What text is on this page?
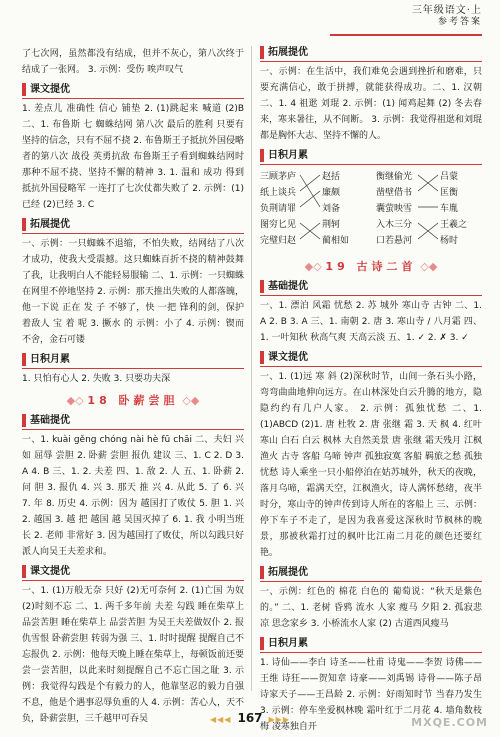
三年级语文·上
参考答案

了七次网，虽然都没有结成，但并不灰心，第八次终于结成了一张网。 3. 示例：受伤 唉声叹气

课文提优

1. 差点儿 准确性 信心 铺垫 2. (1)跳起来 喊道 (2)B 二、1. 布鲁斯 七 蜘蛛结网 第八次 最后的胜利 只要有坚持的信念，只有不屈不挠 2. 布鲁斯王子抵抗外国侵略者的第八次 战役 英勇抗敌 布鲁斯王子看到蜘蛛结网时那种不屈不挠、坚持不懈的精神 3. 1. 温和 成功 得到 抵抗外国侵略军 一连打了七次仗都失败了 2. 示例：(1)已经 (2)已经 3. C

拓展提优

一、示例：一只蜘蛛不退缩，不怕失败，结网结了八次才成功，使我大受震撼。这只蜘蛛百折不挠的精神鼓舞了我，让我明白人不能轻易服输 二、1. 示例：一只蜘蛛在网里不停地坚持 2. 示例：那天推出失败的人都落魄，他一下说 正在 发 子 不够了，快 一把 锋利的剑，保护着敌人 宝 着 呢 3. 撅水 的 示例：小了 4. 示例：锲而不舍，金石可镂

日积月累

1. 只怕有心人 2. 失败 3. 只要功夫深

◆◇ 18 卧薪尝胆 ◇◆
基础提优

一、1. kuài gěng chóng nài hè fū chāi 二、夫妇 兴 如 屈辱 尝胆 2. 卧薪 尝胆 报仇 建议 三、1. C 2. D 3. A 4. B 三、1. 2. 夫差 四、1. 敌 2. 人 五、1. 卧薪 2. 问 胆 3. 报仇 4. 兴 3. 那天 推 兴 4. 从此 5. 了 6. 兴 7. 年 8. 历史 4. 示例：因为 越国打了败仗 5. 胆 1. 兴 2. 越国 3. 越 把 越国 越 吴国灭掉了 6. 1. 我 小明当班长 2. 老师 非常好 3. 因为越国打了败仗，所以勾践只好派人向吴王夫差求和。

课文提优

一、1. (1)万般无奈 只好 (2)无可奈何 2. (1)亡国 为奴 (2)时刻不忘 二、1. 两千多年前 夫差 勾践 睡在柴草上 品尝苦胆 睡在柴草上 品尝苦胆 为吴王夫差做奴仆 2. 报仇雪恨 卧薪尝胆 转弱为强 三、1. 时时提醒 提醒自己不忘报仇 2. 示例：他每天晚上睡在柴草上，每顿饭前还要尝一尝苦胆，以此来时刻提醒自己不忘亡国之耻 3. 示例：我觉得勾践是个有毅力的人，他靠坚忍的毅力自强不息，他是个遇事忍辱负重的人 4. 示例：苦心人，天不负，卧薪尝胆，三千越甲可吞吴

拓展提优

一、示例：在生活中，我们难免会遇到挫折和磨难，只要充满信心，敢于拼搏，就能获得成功。二、1. 汉朝 二、1. 4 祖逖 刘琨 2. 示例：(1) 闻鸡起舞 (2) 冬去春来，寒来暑往，从不间断。 3. 示例：我觉得祖逖和刘琨都是胸怀大志、坚持不懈的人。

日积月累
三顾茅庐
纸上谈兵
负荆请罪
图穷匕见
完璧归赵
赵括
廉颇
刘备
荆轲
蔺相如
衡继偷光
凿壁借书
囊萤映雪
入木三分
口若悬河
吕蒙
匡衡
车胤
王羲之
杨时
◆◇ 19 古诗二首 ◇◆
基础提优

一、1. 漂泊 风霜 忧愁 2. 苏 城外 寒山寺 古钟 二、1. A 2. B 3. A 三、1. 南朝 2. 唐 3. 寒山寺 / 八月霜 四、1. 一叶知秋 秋高气爽 天高云淡 五、1. ✓ 2. ✗ 3. ✓

课文提优

一、1. (1)远 寒 斜 (2)深秋时节，山间一条石头小路，弯弯曲曲地伸向远方。在山林深处白云升腾的地方，隐隐约约有几户人家。 2. 示例：孤独忧愁 二、1. (1)ABCD (2)1. 唐 杜牧 2. 唐 张继 霜 3. 天 枫 4. 红叶 寒山 白石 白云 枫林 大自然美景 唐 张继 霜天残月 江枫 渔火 古寺 客船 乌啼 钟声 孤独寂寞 客船 羁旅之愁 孤独忧愁 诗人乘坐一只小船停泊在姑苏城外，秋天的夜晚，落月乌啼，霜满天空，江枫渔火，诗人满怀愁绪，夜半时分，寒山寺的钟声传到诗人所在的客船上 三、示例：停下车子不走了，是因为我喜爱这深秋时节枫林的晚景，那被秋霜打过的枫叶比江南二月花的颜色还要红艳。

拓展提优

一、示例：红色的 棉花 白色的 葡萄说：“秋天是紫色的。” 二、1. 老树 昏鸦 流水 人家 瘦马 夕阳 2. 孤寂悲凉 思念家乡 3. 小桥流水人家 (2) 古道西风瘦马

日积月累

1. 诗仙——李白 诗圣——杜甫 诗鬼——李贺 诗佛——王维 诗狂——贺知章 诗豪——刘禹锡 诗骨——陈子昂 诗家天子——王昌龄 2. 示例：好雨知时节 当春乃发生 3. 示例：停车坐爱枫林晚 霜叶红于二月花 4. 墙角数枝梅 凌寒独自开

◀◀◀ 167 ▶▶▶	MXQE.COM
